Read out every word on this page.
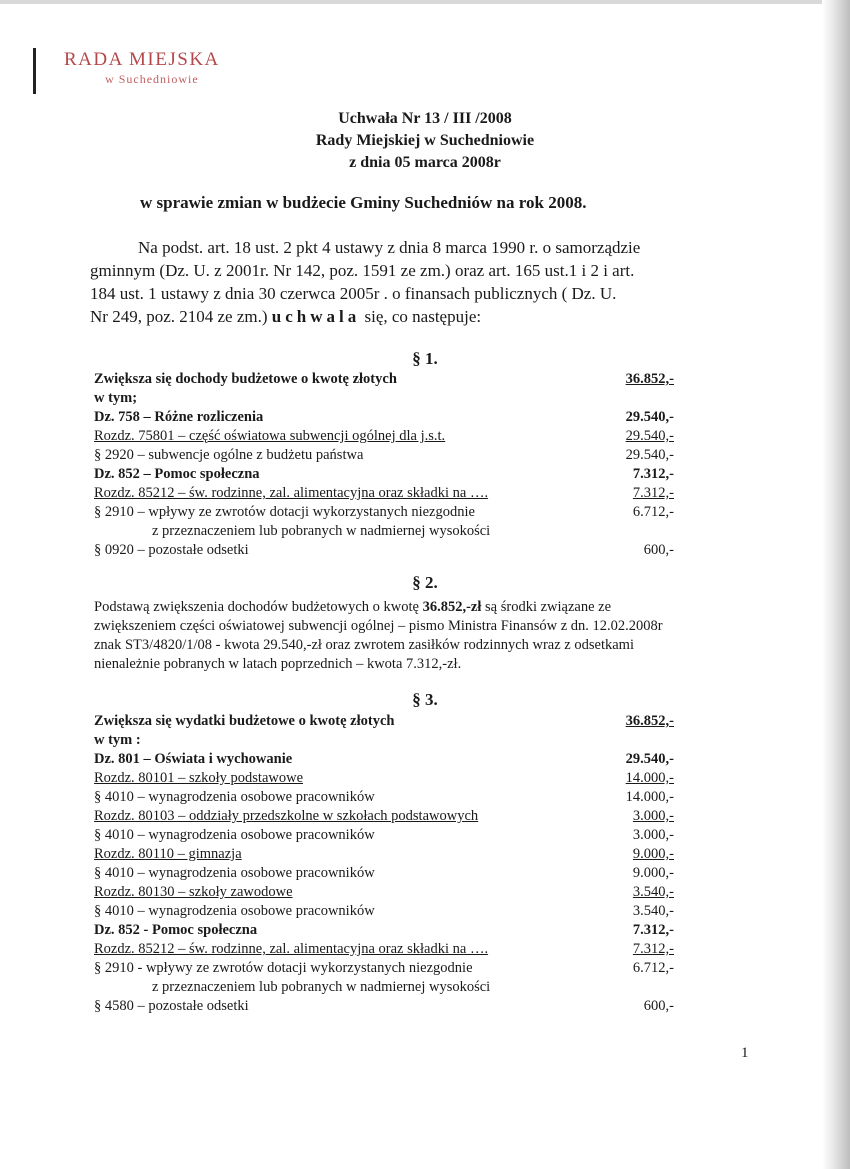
RADA MIEJSKA
w Suchedniowie
Uchwała Nr 13 / III /2008
Rady Miejskiej w Suchedniowie
z dnia 05 marca 2008r
w sprawie zmian w budżecie Gminy Suchedniów na rok 2008.
Na podst. art. 18 ust. 2 pkt 4 ustawy z dnia 8 marca 1990 r. o samorządzie
gminnym (Dz. U. z 2001r. Nr 142, poz. 1591 ze zm.) oraz art. 165 ust.1 i 2 i art.
184 ust. 1 ustawy z dnia 30 czerwca 2005r . o finansach publicznych ( Dz. U.
Nr 249, poz. 2104 ze zm.) uchwala się, co następuje:
§ 1.
Zwiększa się dochody budżetowe o kwotę złotych	36.852,-
w tym;
Dz. 758 – Różne rozliczenia	29.540,-
Rozdz. 75801 – część oświatowa subwencji ogólnej dla j.s.t.	29.540,-
§ 2920 – subwencje ogólne z budżetu państwa	29.540,-
Dz. 852 – Pomoc społeczna	7.312,-
Rozdz. 85212 – św. rodzinne, zal. alimentacyjna oraz składki na ….	7.312,-
§ 2910 – wpływy ze zwrotów dotacji wykorzystanych niezgodnie	6.712,-
z przeznaczeniem lub pobranych w nadmiernej wysokości
§ 0920 – pozostałe odsetki	600,-
§ 2.
Podstawą zwiększenia dochodów budżetowych o kwotę 36.852,-zł są środki związane ze
zwiększeniem części oświatowej subwencji ogólnej – pismo Ministra Finansów z dn. 12.02.2008r
znak ST3/4820/1/08 - kwota 29.540,-zł oraz zwrotem zasiłków rodzinnych wraz z odsetkami
nienależnie pobranych w latach poprzednich – kwota 7.312,-zł.
§ 3.
Zwiększa się wydatki budżetowe o kwotę złotych	36.852,-
w tym :
Dz. 801 – Oświata i wychowanie	29.540,-
Rozdz. 80101 – szkoły podstawowe	14.000,-
§ 4010 – wynagrodzenia osobowe pracowników	14.000,-
Rozdz. 80103 – oddziały przedszkolne w szkołach podstawowych	3.000,-
§ 4010 – wynagrodzenia osobowe pracowników	3.000,-
Rozdz. 80110 – gimnazja	9.000,-
§ 4010 – wynagrodzenia osobowe pracowników	9.000,-
Rozdz. 80130 – szkoły zawodowe	3.540,-
§ 4010 – wynagrodzenia osobowe pracowników	3.540,-
Dz. 852 - Pomoc społeczna	7.312,-
Rozdz. 85212 – św. rodzinne, zal. alimentacyjna oraz składki na ….	7.312,-
§ 2910 - wpływy ze zwrotów dotacji wykorzystanych niezgodnie	6.712,-
z przeznaczeniem lub pobranych w nadmiernej wysokości
§ 4580 – pozostałe odsetki	600,-
1
